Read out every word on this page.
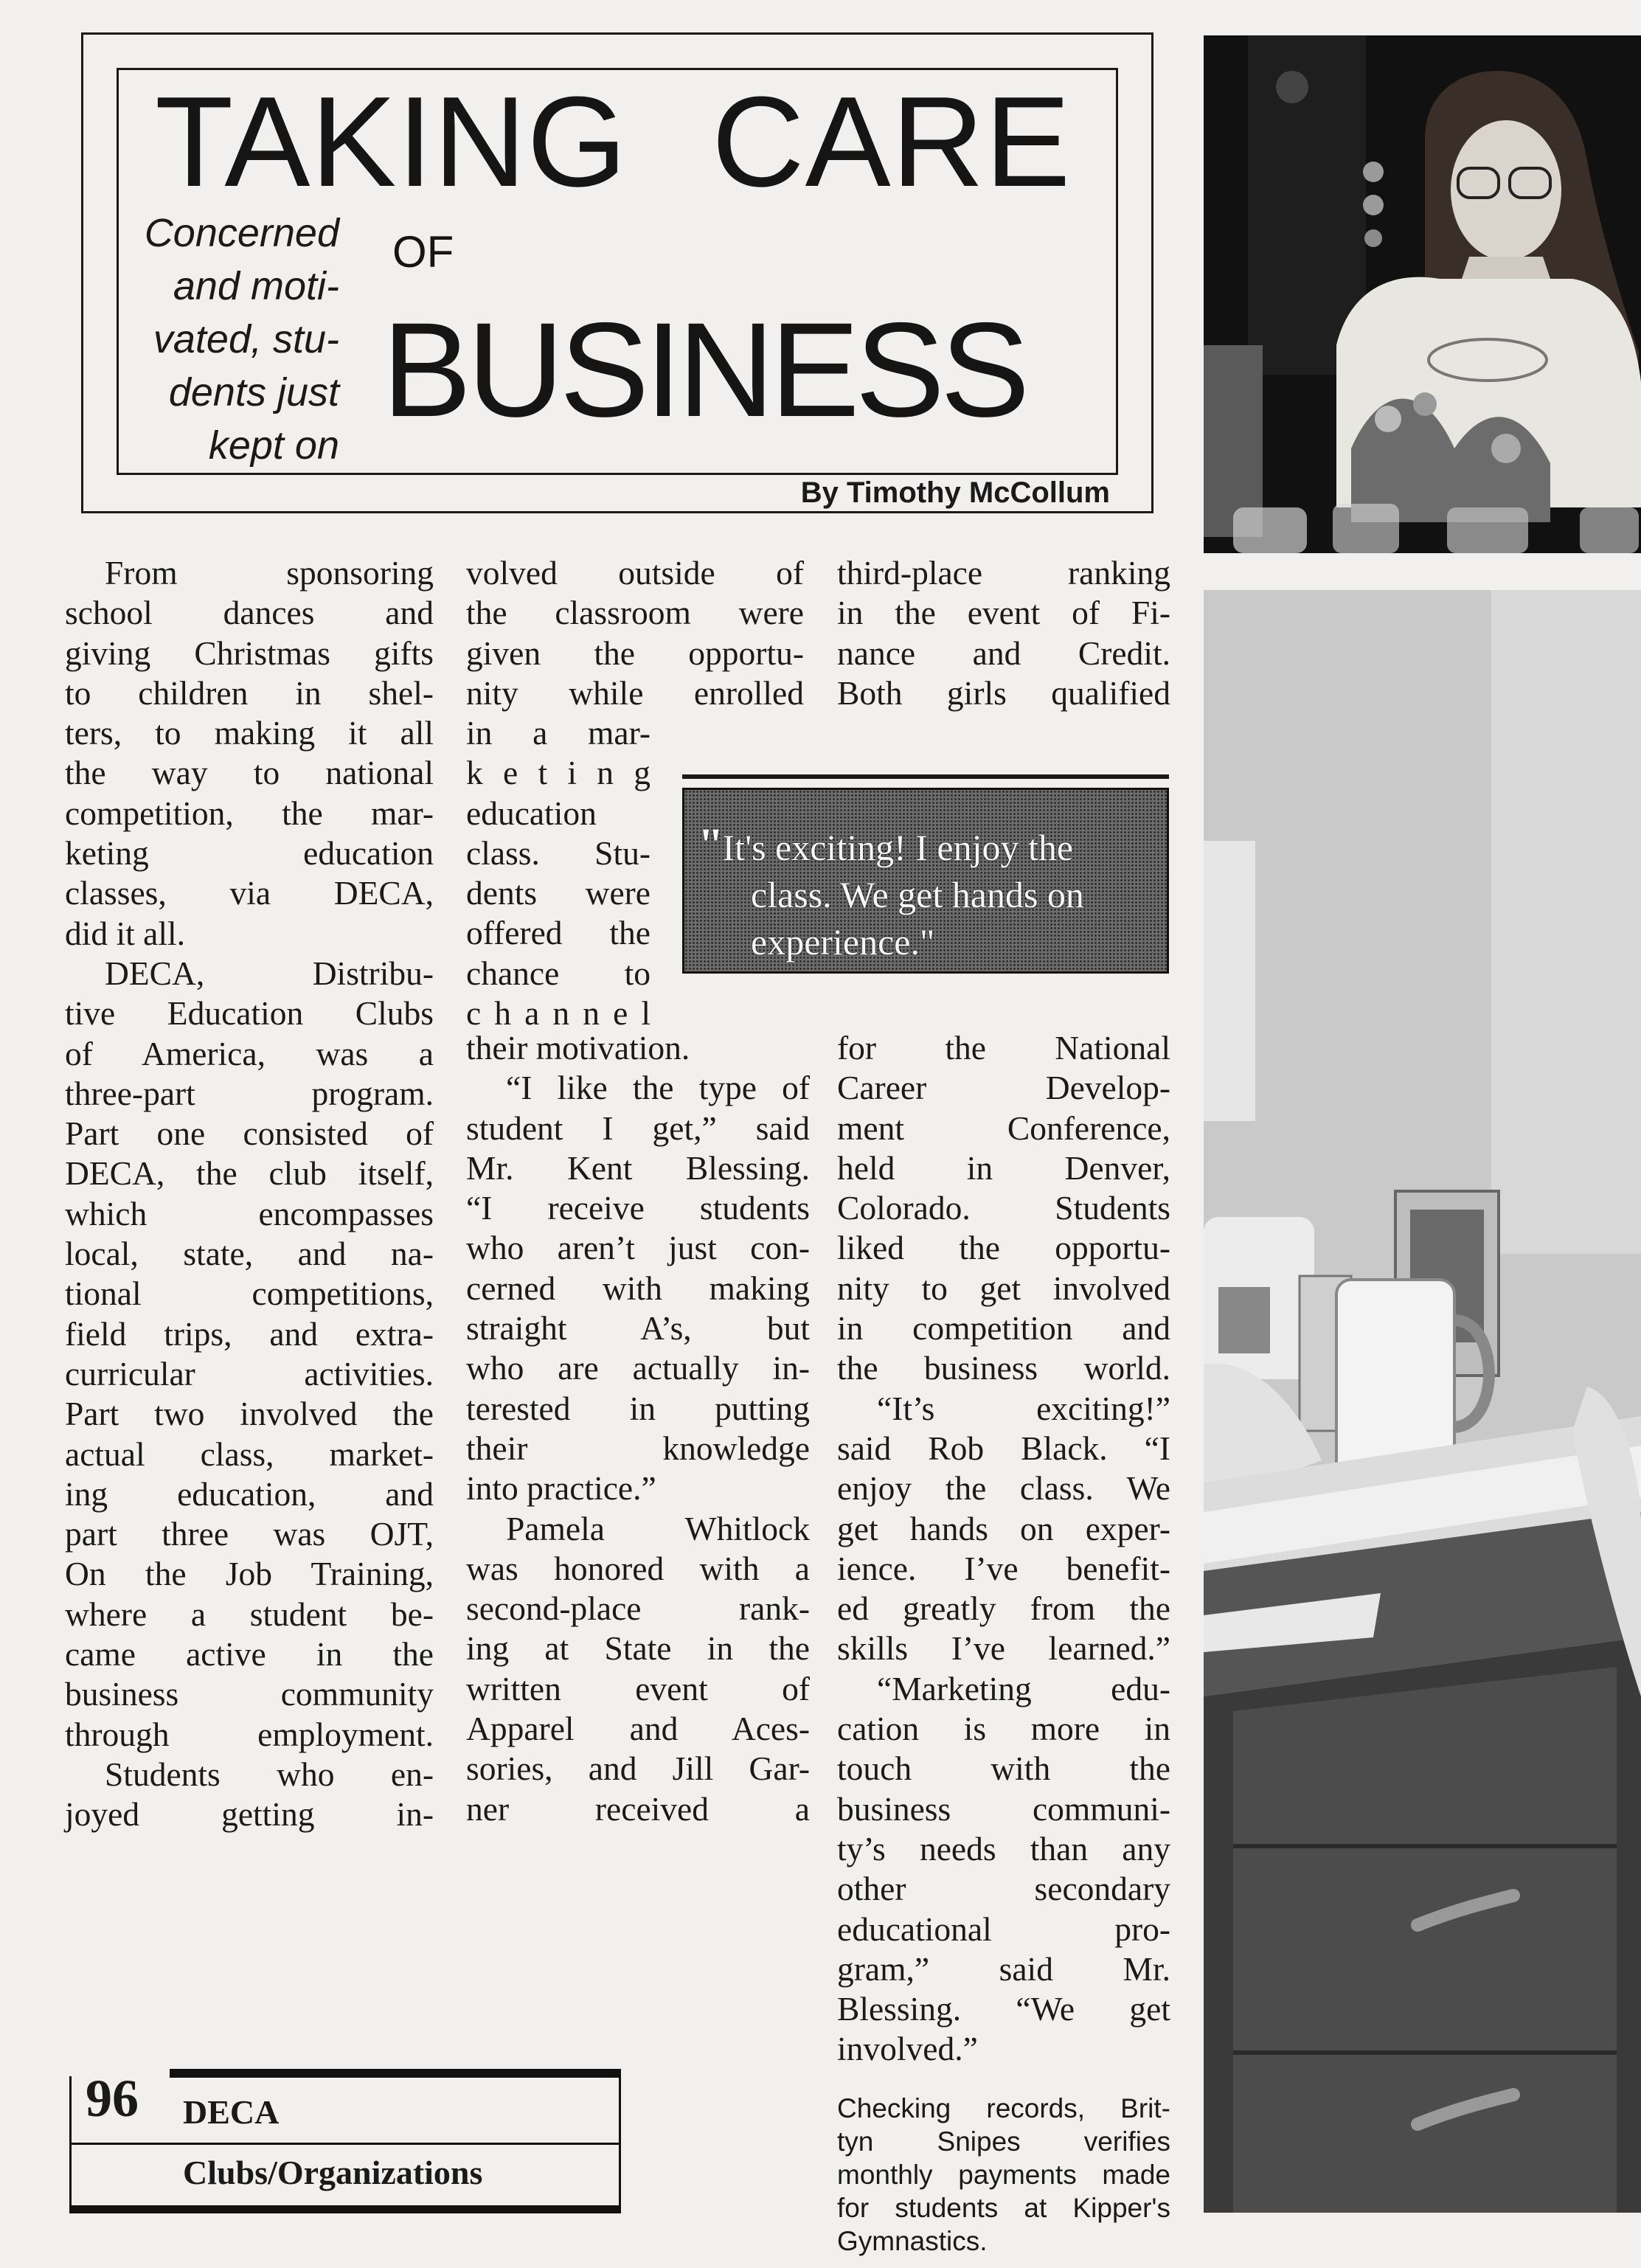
TAKING CARE
OF
BUSINESS
Concerned
and moti-
vated, stu-
dents just
kept on
By Timothy McCollum
From sponsoring
school dances and
giving Christmas gifts
to children in shel-
ters, to making it all
the way to national
competition, the mar-
keting education
classes, via DECA,
did it all.
DECA, Distribu-
tive Education Clubs
of America, was a
three-part program.
Part one consisted of
DECA, the club itself,
which encompasses
local, state, and na-
tional competitions,
field trips, and extra-
curricular activities.
Part two involved the
actual class, market-
ing education, and
part three was OJT,
On the Job Training,
where a student be-
came active in the
business community
through employment.
Students who en-
joyed getting in-
volved outside of
the classroom were
given the opportu-
nity while enrolled
in a mar-
k e t i n g
education
class. Stu-
dents were
offered the
chance to
c h a n n e l
their motivation.
“I like the type of
student I get,” said
Mr. Kent Blessing.
“I receive students
who aren’t just con-
cerned with making
straight A’s, but
who are actually in-
terested in putting
their knowledge
into practice.”
Pamela Whitlock
was honored with a
second-place rank-
ing at State in the
written event of
Apparel and Aces-
sories, and Jill Gar-
ner received a
third-place ranking
in the event of Fi-
nance and Credit.
Both girls qualified
for the National
Career Develop-
ment Conference,
held in Denver,
Colorado. Students
liked the opportu-
nity to get involved
in competition and
the business world.
“It’s exciting!”
said Rob Black. “I
enjoy the class. We
get hands on exper-
ience. I’ve benefit-
ed greatly from the
skills I’ve learned.”
“Marketing edu-
cation is more in
touch with the
business communi-
ty’s needs than any
other secondary
educational pro-
gram,” said Mr.
Blessing. “We get
involved.”
"It's exciting! I enjoy the
class. We get hands on
experience."
Checking records, Brit-
tyn Snipes verifies
monthly payments made
for students at Kipper's
Gymnastics.
96 DECA
Clubs/Organizations
